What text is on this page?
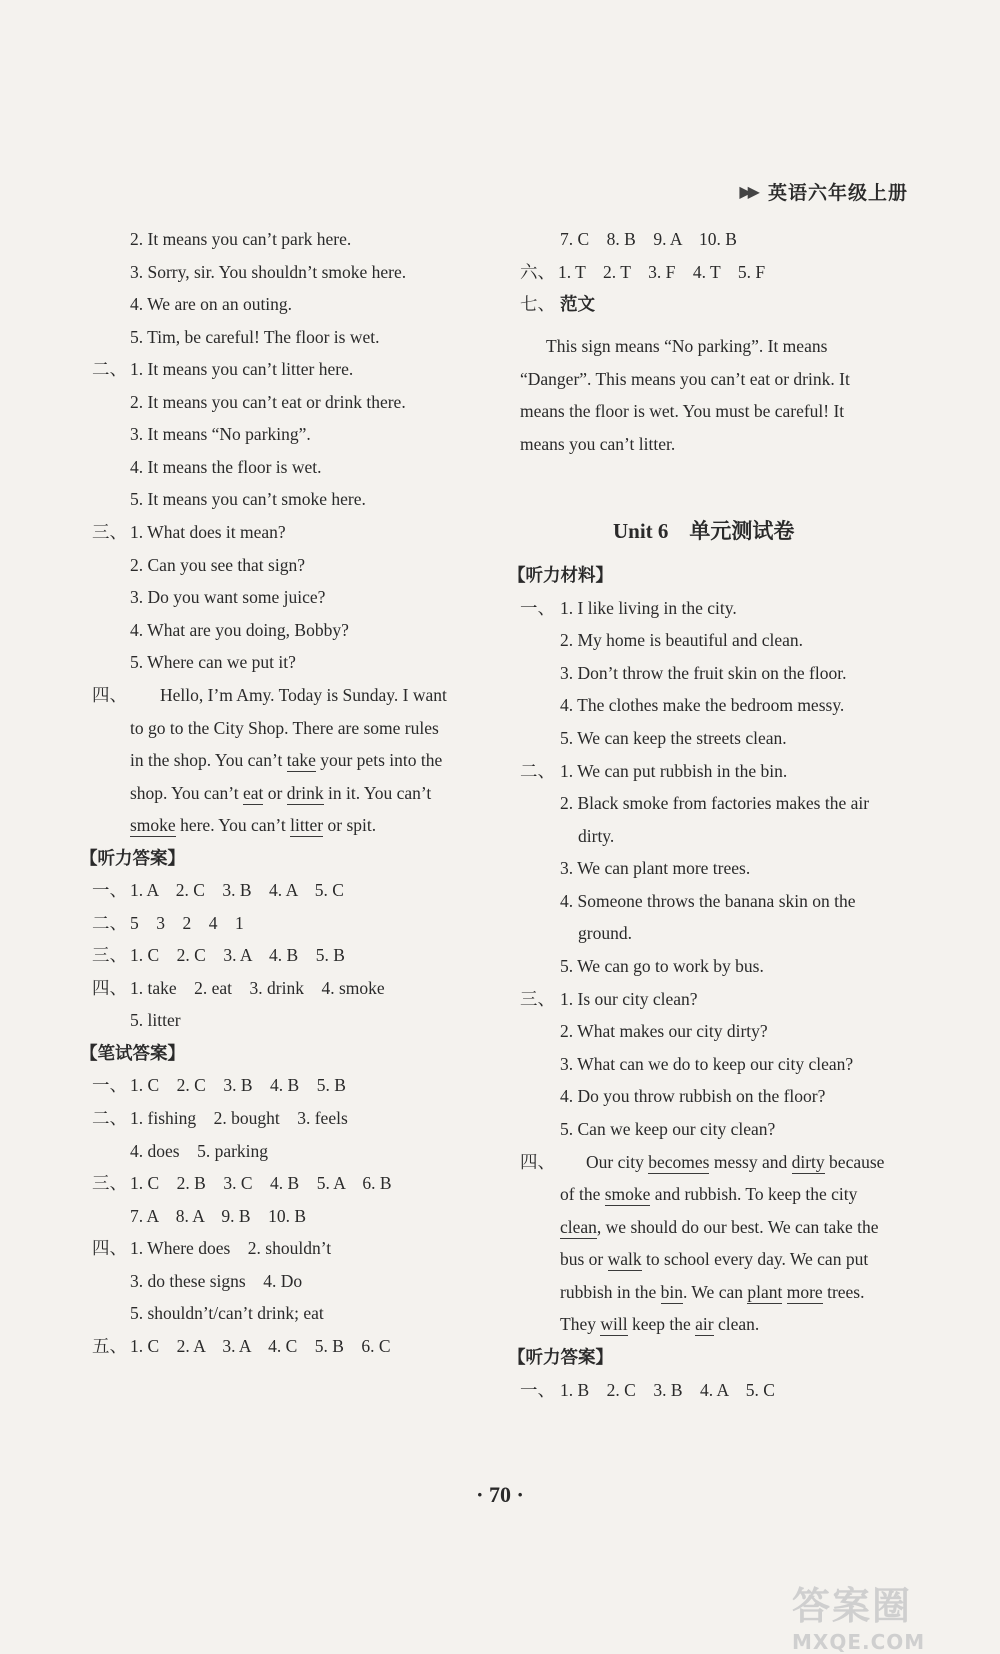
▶▶ 英语六年级上册
2. It means you can’t park here.
3. Sorry, sir. You shouldn’t smoke here.
4. We are on an outing.
5. Tim, be careful! The floor is wet.
二、 1. It means you can’t litter here.
2. It means you can’t eat or drink there.
3. It means “No parking”.
4. It means the floor is wet.
5. It means you can’t smoke here.
三、 1. What does it mean?
2. Can you see that sign?
3. Do you want some juice?
4. What are you doing, Bobby?
5. Where can we put it?
四、 Hello, I’m Amy. Today is Sunday. I want
to go to the City Shop. There are some rules
in the shop. You can’t take your pets into the
shop. You can’t eat or drink in it. You can’t
smoke here. You can’t litter or spit.
【听力答案】
一、 1. A　2. C　3. B　4. A　5. C
二、 5　3　2　4　1
三、 1. C　2. C　3. A　4. B　5. B
四、 1. take　2. eat　3. drink　4. smoke
5. litter
【笔试答案】
一、 1. C　2. C　3. B　4. B　5. B
二、 1. fishing　2. bought　3. feels
4. does　5. parking
三、 1. C　2. B　3. C　4. B　5. A　6. B
7. A　8. A　9. B　10. B
四、 1. Where does　2. shouldn’t
3. do these signs　4. Do
5. shouldn’t/can’t drink; eat
五、 1. C　2. A　3. A　4. C　5. B　6. C
7. C　8. B　9. A　10. B
六、 1. T　2. T　3. F　4. T　5. F
七、 范文
This sign means “No parking”. It means
“Danger”. This means you can’t eat or drink. It
means the floor is wet. You must be careful! It
means you can’t litter.
Unit 6　单元测试卷
【听力材料】
一、 1. I like living in the city.
2. My home is beautiful and clean.
3. Don’t throw the fruit skin on the floor.
4. The clothes make the bedroom messy.
5. We can keep the streets clean.
二、 1. We can put rubbish in the bin.
2. Black smoke from factories makes the air
dirty.
3. We can plant more trees.
4. Someone throws the banana skin on the
ground.
5. We can go to work by bus.
三、 1. Is our city clean?
2. What makes our city dirty?
3. What can we do to keep our city clean?
4. Do you throw rubbish on the floor?
5. Can we keep our city clean?
四、 Our city becomes messy and dirty because
of the smoke and rubbish. To keep the city
clean, we should do our best. We can take the
bus or walk to school every day. We can put
rubbish in the bin. We can plant more trees.
They will keep the air clean.
【听力答案】
一、 1. B　2. C　3. B　4. A　5. C
· 70 ·
答案圈
MXQE.COM
